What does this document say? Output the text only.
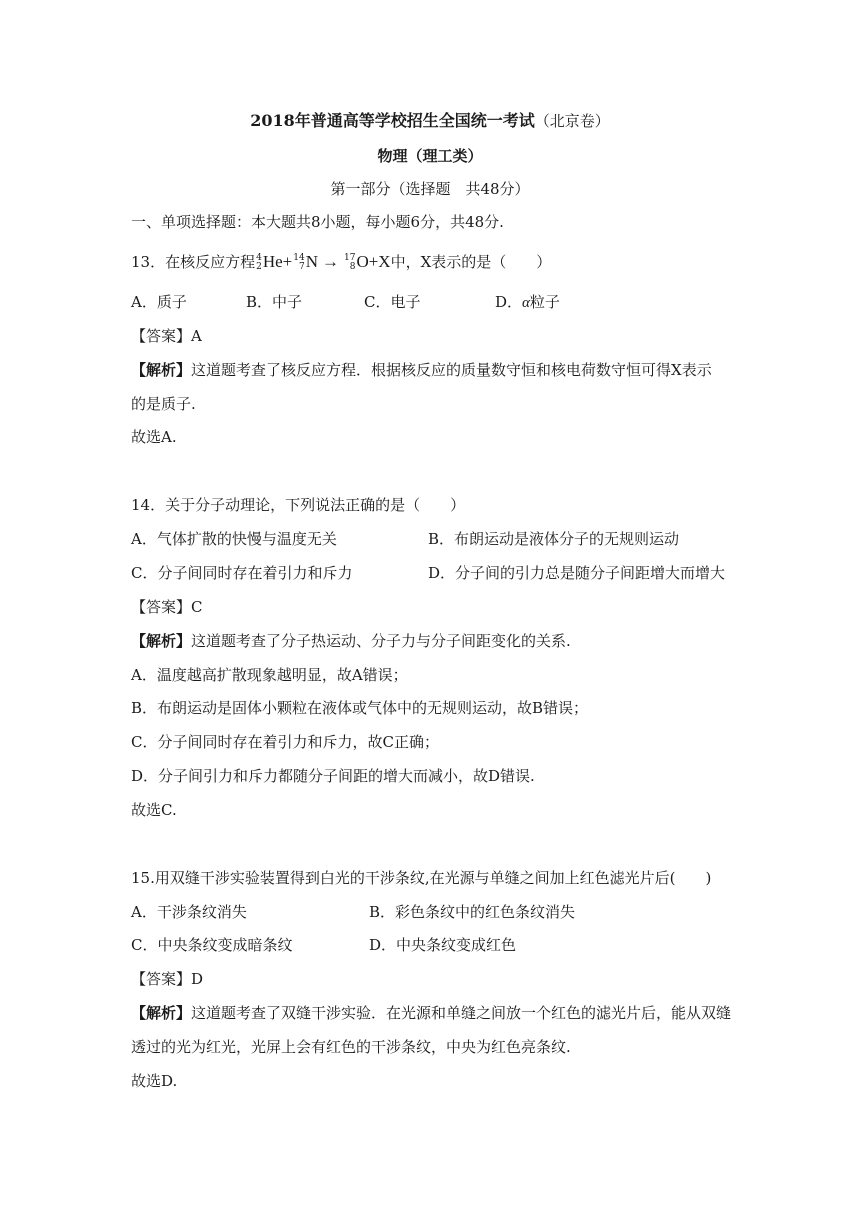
2018年普通高等学校招生全国统一考试（北京卷）
物理（理工类）
第一部分（选择题　共48分）
一、单项选择题：本大题共8小题，每小题6分，共48分.
13．在核反应方程 4
2 He+ 14
7 N → 17
8 O+X中，X表示的是（　　）
A．质子	B．中子	C．电子	D．α粒子
【答案】A
【解析】这道题考查了核反应方程．根据核反应的质量数守恒和核电荷数守恒可得X表示
的是质子.
故选A.
14．关于分子动理论，下列说法正确的是（　　）
A．气体扩散的快慢与温度无关	B．布朗运动是液体分子的无规则运动
C．分子间同时存在着引力和斥力	D．分子间的引力总是随分子间距增大而增大
【答案】C
【解析】这道题考查了分子热运动、分子力与分子间距变化的关系.
A．温度越高扩散现象越明显，故A错误；
B．布朗运动是固体小颗粒在液体或气体中的无规则运动，故B错误；
C．分子间同时存在着引力和斥力，故C正确；
D．分子间引力和斥力都随分子间距的增大而减小，故D错误.
故选C.
15.用双缝干涉实验装置得到白光的干涉条纹,在光源与单缝之间加上红色滤光片后(　　)
A．干涉条纹消失	B．彩色条纹中的红色条纹消失
C．中央条纹变成暗条纹	D．中央条纹变成红色
【答案】D
【解析】这道题考查了双缝干涉实验．在光源和单缝之间放一个红色的滤光片后，能从双缝
透过的光为红光，光屏上会有红色的干涉条纹，中央为红色亮条纹.
故选D.
